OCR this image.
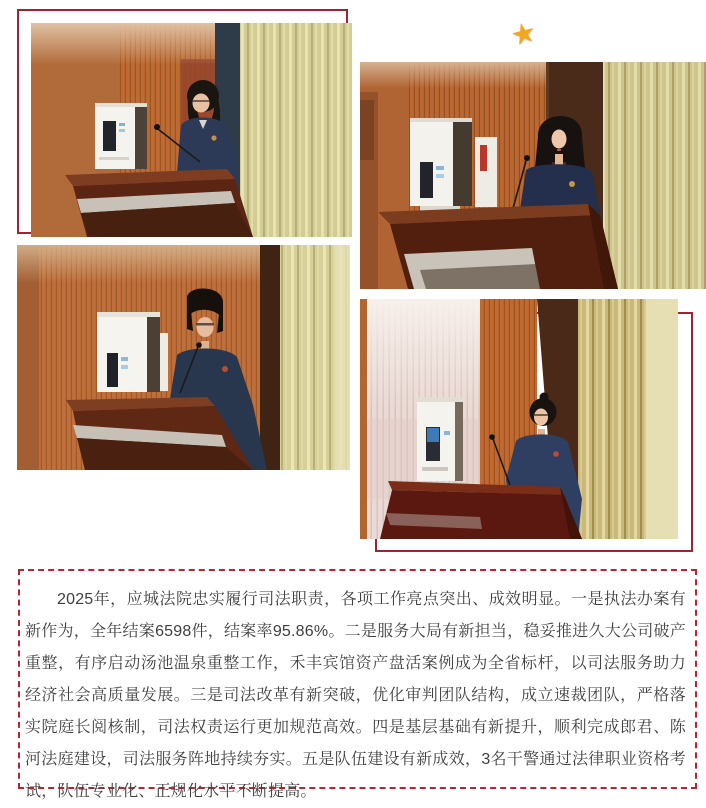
★

2025年，应城法院忠实履行司法职责，各项工作亮点突出、成效明显。一是执法办案有新作为，全年结案6598件，结案率95.86%。二是服务大局有新担当，稳妥推进久大公司破产重整，有序启动汤池温泉重整工作，禾丰宾馆资产盘活案例成为全省标杆，以司法服务助力经济社会高质量发展。三是司法改革有新突破，优化审判团队结构，成立速裁团队，严格落实院庭长阅核制，司法权责运行更加规范高效。四是基层基础有新提升，顺利完成郎君、陈河法庭建设，司法服务阵地持续夯实。五是队伍建设有新成效，3名干警通过法律职业资格考试，队伍专业化、正规化水平不断提高。
